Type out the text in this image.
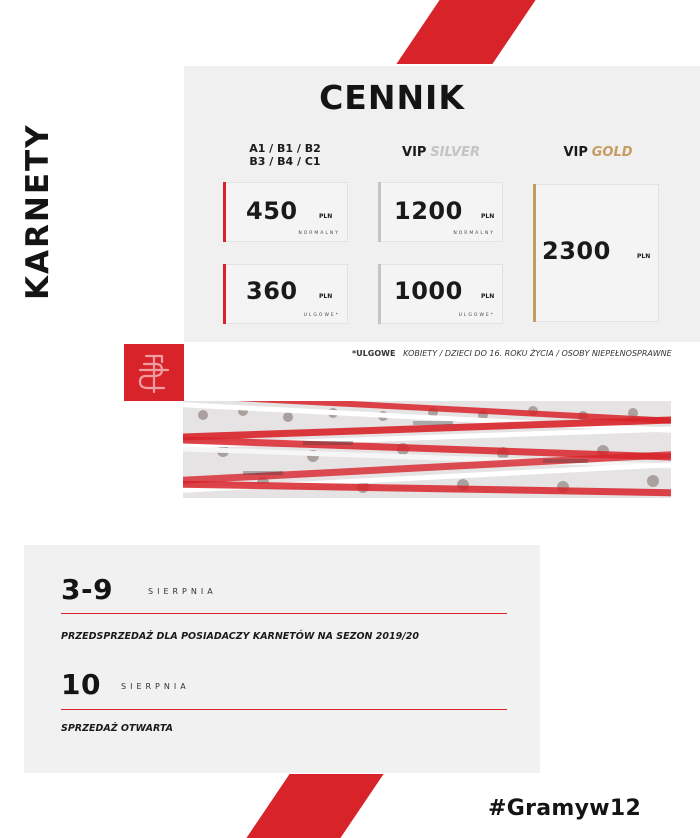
KARNETY
CENNIK
A1 / B1 / B2
B3 / B4 / C1
VIP SILVER	VIP GOLD
450	PLN
NORMALNY
360	PLN
ULGOWE*
1200	PLN
NORMALNY
1000	PLN
ULGOWE*
2300	PLN
*ULGOWE KOBIETY / DZIECI DO 16. ROKU ŻYCIA / OSOBY NIEPEŁNOSPRAWNE
3-9	SIERPNIA
PRZEDSPRZEDAŻ DLA POSIADACZY KARNETÓW NA SEZON 2019/20
10	SIERPNIA
SPRZEDAŻ OTWARTA
#Gramyw12
